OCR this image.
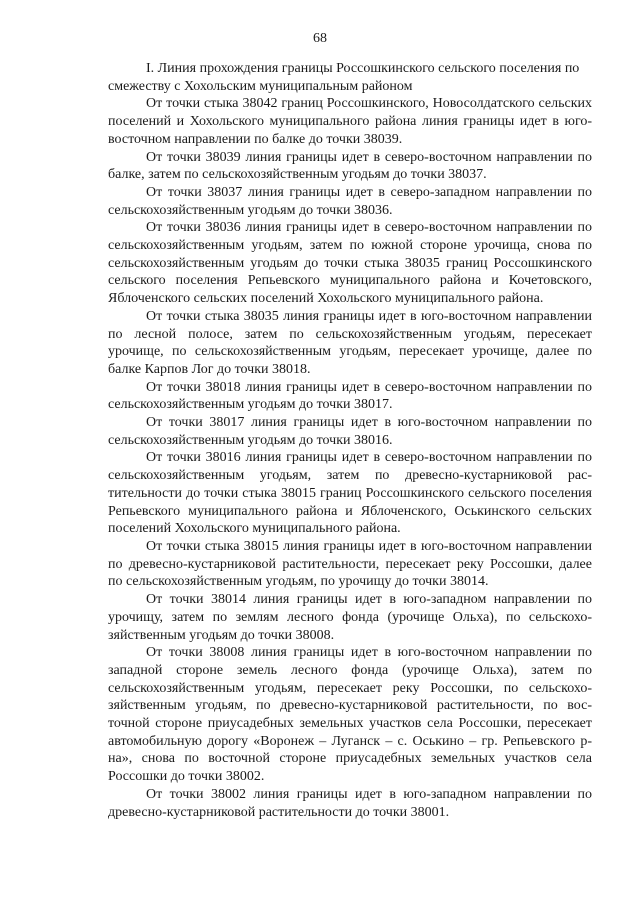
68

I. Линия прохождения границы Россошкинского сельского поселения по смежеству с Хохольским муниципальным районом

От точки стыка 38042 границ Россошкинского, Новосолдатского сельских поселений и Хохольского муниципального района линия границы идет в юго-восточном направлении по балке до точки 38039.

От точки 38039 линия границы идет в северо-восточном направлении по балке, затем по сельскохозяйственным угодьям до точки 38037.

От точки 38037 линия границы идет в северо-западном направлении по сельскохозяйственным угодьям до точки 38036.

От точки 38036 линия границы идет в северо-восточном направлении по сельскохозяйственным угодьям, затем по южной стороне урочища, снова по сельскохозяйственным угодьям до точки стыка 38035 границ Россошкинского сельского поселения Репьевского муниципального района и Кочетовского, Яблоченского сельских поселений Хохольского муниципального района.

От точки стыка 38035 линия границы идет в юго-восточном направлении по лесной полосе, затем по сельскохозяйственным угодьям, пересекает урочище, по сельскохозяйственным угодьям, пересекает урочище, далее по балке Карпов Лог до точки 38018.

От точки 38018 линия границы идет в северо-восточном направлении по сельскохозяйственным угодьям до точки 38017.

От точки 38017 линия границы идет в юго-восточном направлении по сельскохозяйственным угодьям до точки 38016.

От точки 38016 линия границы идет в северо-восточном направлении по сельскохозяйственным угодьям, затем по древесно-кустарниковой растительности до точки стыка 38015 границ Россошкинского сельского поселения Репьевского муниципального района и Яблоченского, Оськинского сельских поселений Хохольского муниципального района.

От точки стыка 38015 линия границы идет в юго-восточном направлении по древесно-кустарниковой растительности, пересекает реку Россошки, далее по сельскохозяйственным угодьям, по урочищу до точки 38014.

От точки 38014 линия границы идет в юго-западном направлении по урочищу, затем по землям лесного фонда (урочище Ольха), по сельскохозяйственным угодьям до точки 38008.

От точки 38008 линия границы идет в юго-восточном направлении по западной стороне земель лесного фонда (урочище Ольха), затем по сельскохозяйственным угодьям, пересекает реку Россошки, по сельскохозяйственным угодьям, по древесно-кустарниковой растительности, по восточной стороне приусадебных земельных участков села Россошки, пересекает автомобильную дорогу «Воронеж – Луганск – с. Оськино – гр. Репьевского р-на», снова по восточной стороне приусадебных земельных участков села Россошки до точки 38002.

От точки 38002 линия границы идет в юго-западном направлении по древесно-кустарниковой растительности до точки 38001.
